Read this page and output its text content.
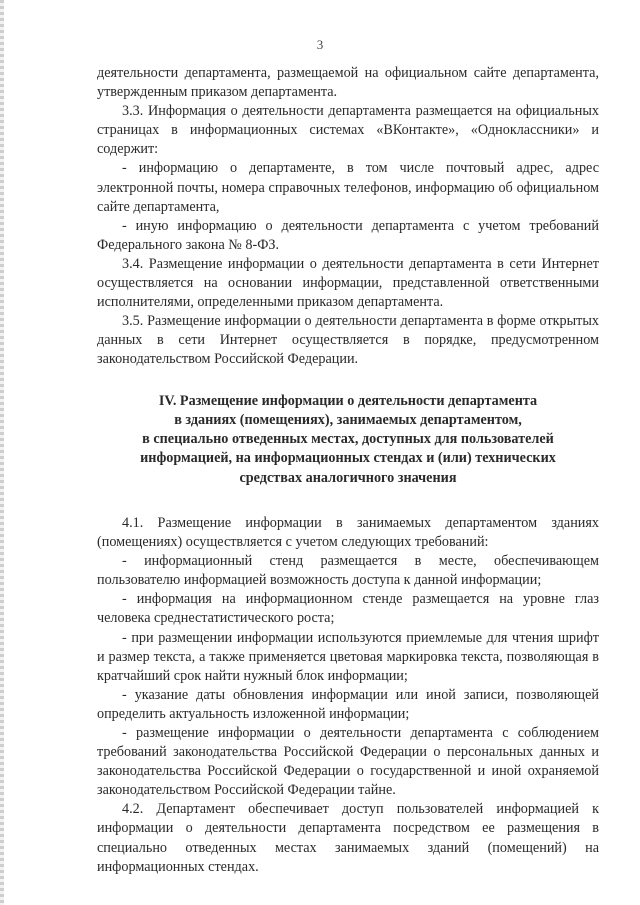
3

деятельности департамента, размещаемой на официальном сайте департамента, утвержденным приказом департамента.

3.3. Информация о деятельности департамента размещается на официальных страницах в информационных системах «ВКонтакте», «Одноклассники» и содержит:

- информацию о департаменте, в том числе почтовый адрес, адрес электронной почты, номера справочных телефонов, информацию об официальном сайте департамента,

- иную информацию о деятельности департамента с учетом требований Федерального закона № 8-ФЗ.

3.4. Размещение информации о деятельности департамента в сети Интернет осуществляется на основании информации, представленной ответственными исполнителями, определенными приказом департамента.

3.5. Размещение информации о деятельности департамента в форме открытых данных в сети Интернет осуществляется в порядке, предусмотренном законодательством Российской Федерации.

IV. Размещение информации о деятельности департамента
в зданиях (помещениях), занимаемых департаментом,
в специально отведенных местах, доступных для пользователей
информацией, на информационных стендах и (или) технических
средствах аналогичного значения

4.1. Размещение информации в занимаемых департаментом зданиях (помещениях) осуществляется с учетом следующих требований:

- информационный стенд размещается в месте, обеспечивающем пользователю информацией возможность доступа к данной информации;

- информация на информационном стенде размещается на уровне глаз человека среднестатистического роста;

- при размещении информации используются приемлемые для чтения шрифт и размер текста, а также применяется цветовая маркировка текста, позволяющая в кратчайший срок найти нужный блок информации;

- указание даты обновления информации или иной записи, позволяющей определить актуальность изложенной информации;

- размещение информации о деятельности департамента с соблюдением требований законодательства Российской Федерации о персональных данных и законодательства Российской Федерации о государственной и иной охраняемой законодательством Российской Федерации тайне.

4.2. Департамент обеспечивает доступ пользователей информацией к информации о деятельности департамента посредством ее размещения в специально отведенных местах занимаемых зданий (помещений) на информационных стендах.
